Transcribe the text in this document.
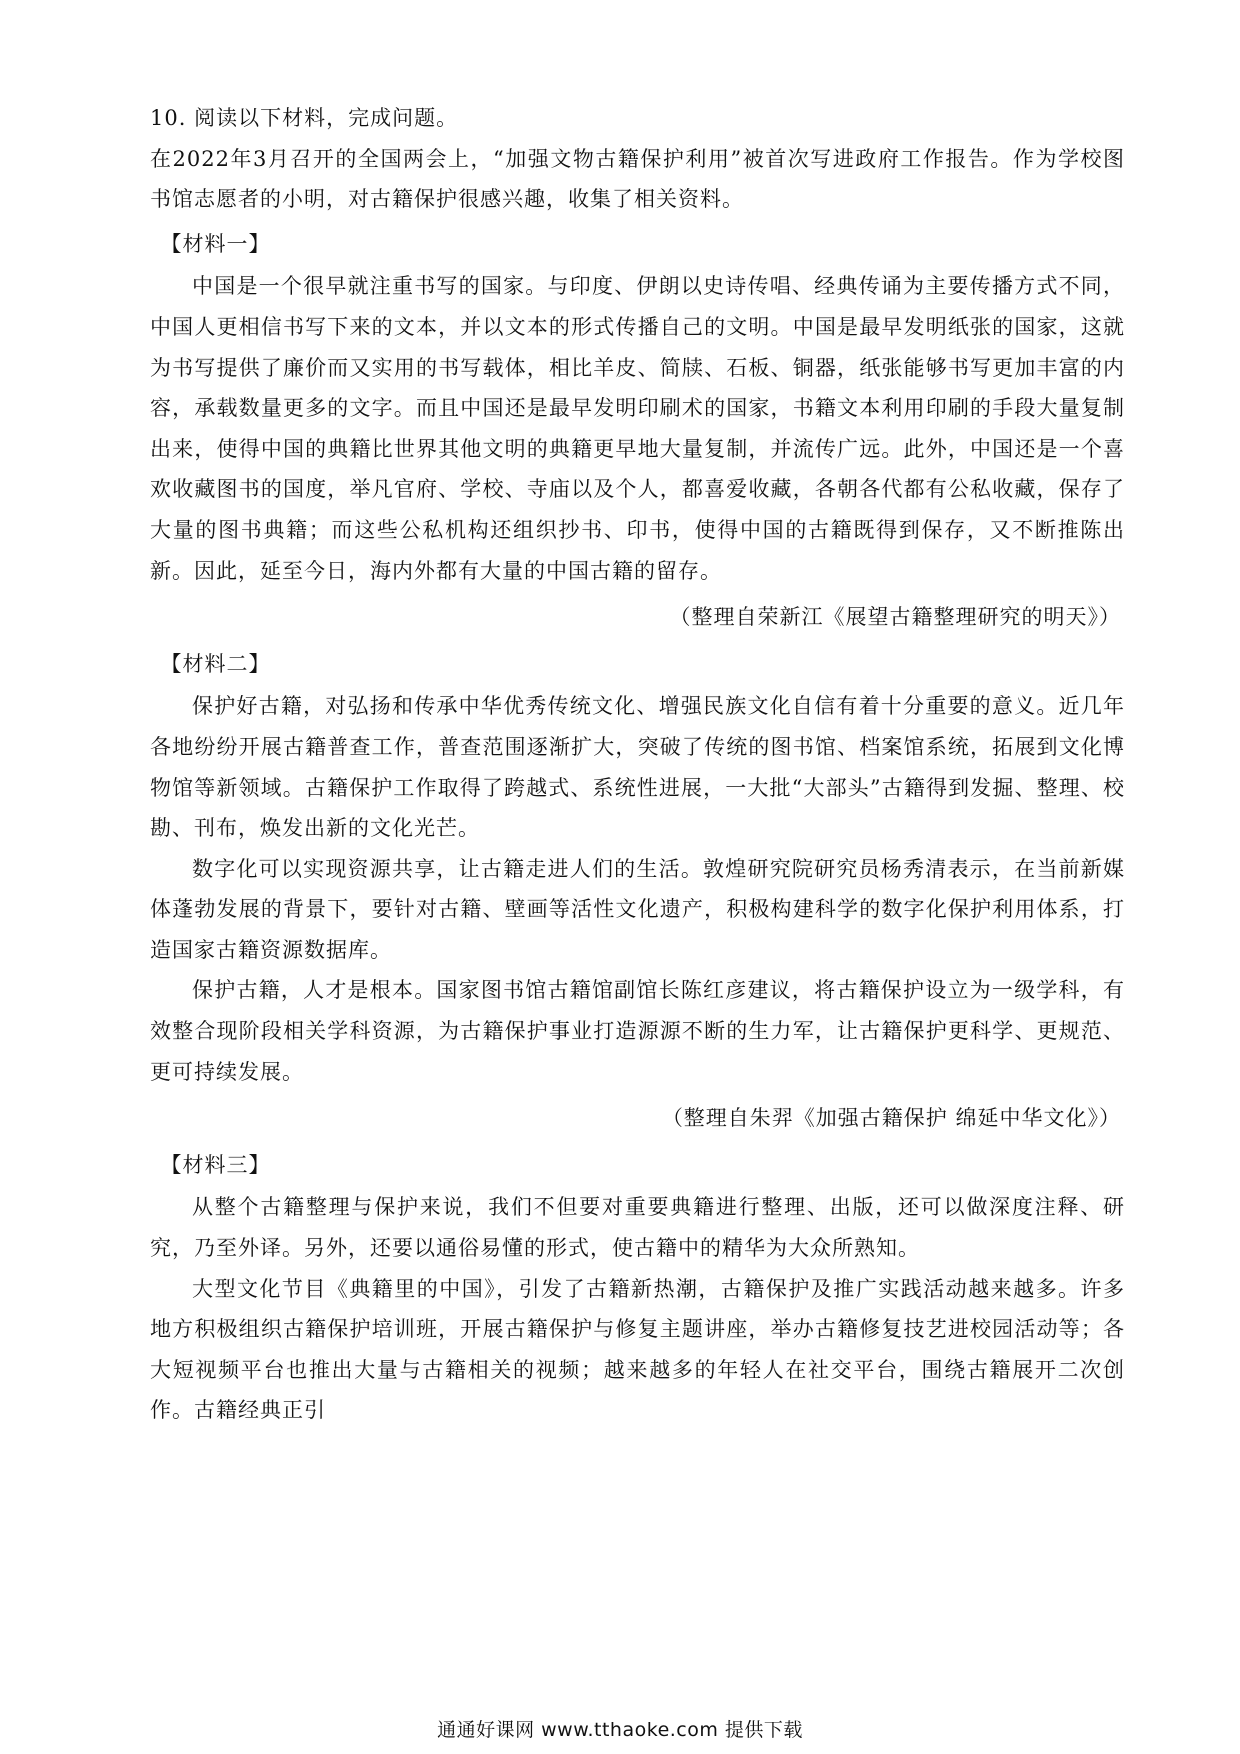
10. 阅读以下材料，完成问题。

在2022年3月召开的全国两会上，“加强文物古籍保护利用”被首次写进政府工作报告。作为学校图书馆志愿者的小明，对古籍保护很感兴趣，收集了相关资料。

【材料一】

中国是一个很早就注重书写的国家。与印度、伊朗以史诗传唱、经典传诵为主要传播方式不同，中国人更相信书写下来的文本，并以文本的形式传播自己的文明。中国是最早发明纸张的国家，这就为书写提供了廉价而又实用的书写载体，相比羊皮、简牍、石板、铜器，纸张能够书写更加丰富的内容，承载数量更多的文字。而且中国还是最早发明印刷术的国家，书籍文本利用印刷的手段大量复制出来，使得中国的典籍比世界其他文明的典籍更早地大量复制，并流传广远。此外，中国还是一个喜欢收藏图书的国度，举凡官府、学校、寺庙以及个人，都喜爱收藏，各朝各代都有公私收藏，保存了大量的图书典籍；而这些公私机构还组织抄书、印书，使得中国的古籍既得到保存，又不断推陈出新。因此，延至今日，海内外都有大量的中国古籍的留存。

（整理自荣新江《展望古籍整理研究的明天》）

【材料二】

保护好古籍，对弘扬和传承中华优秀传统文化、增强民族文化自信有着十分重要的意义。近几年各地纷纷开展古籍普查工作，普查范围逐渐扩大，突破了传统的图书馆、档案馆系统，拓展到文化博物馆等新领域。古籍保护工作取得了跨越式、系统性进展，一大批“大部头”古籍得到发掘、整理、校勘、刊布，焕发出新的文化光芒。

数字化可以实现资源共享，让古籍走进人们的生活。敦煌研究院研究员杨秀清表示，在当前新媒体蓬勃发展的背景下，要针对古籍、壁画等活性文化遗产，积极构建科学的数字化保护利用体系，打造国家古籍资源数据库。

保护古籍，人才是根本。国家图书馆古籍馆副馆长陈红彦建议，将古籍保护设立为一级学科，有效整合现阶段相关学科资源，为古籍保护事业打造源源不断的生力军，让古籍保护更科学、更规范、更可持续发展。

（整理自朱羿《加强古籍保护 绵延中华文化》）

【材料三】

从整个古籍整理与保护来说，我们不但要对重要典籍进行整理、出版，还可以做深度注释、研究，乃至外译。另外，还要以通俗易懂的形式，使古籍中的精华为大众所熟知。

大型文化节目《典籍里的中国》，引发了古籍新热潮，古籍保护及推广实践活动越来越多。许多地方积极组织古籍保护培训班，开展古籍保护与修复主题讲座，举办古籍修复技艺进校园活动等；各大短视频平台也推出大量与古籍相关的视频；越来越多的年轻人在社交平台，围绕古籍展开二次创作。古籍经典正引

通通好课网 www.tthaoke.com 提供下载
